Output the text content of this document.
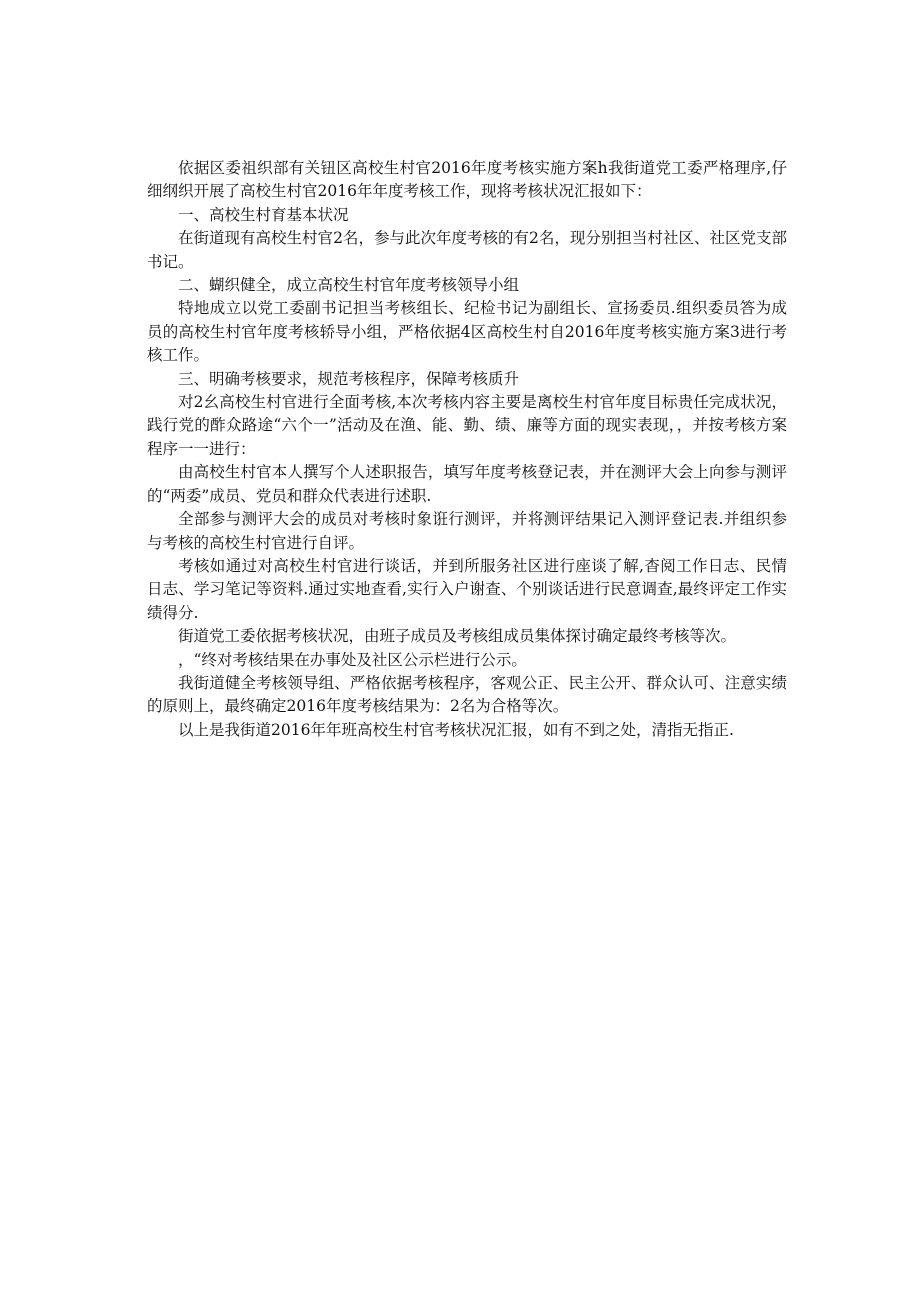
依据区委祖织部有关钮区高校生村官2016年度考核实施方案h我街道党工委严格理序,仔细纲织开展了高校生村官2016年年度考核工作，现将考核状况汇报如下：

一、高校生村育基本状况

在街道现有高校生村官2名，参与此次年度考核的有2名，现分别担当村社区、社区党支部书记。

二、蝴织健全，成立高校生村官年度考核领导小组

特地成立以党工委副书记担当考核组长、纪检书记为副组长、宣扬委员.组织委员答为成员的高校生村官年度考核轿导小组，严格依据4区高校生村自2016年度考核实施方案3进行考核工作。

三、明确考核要求，规范考核程序，保障考核质升

对2幺高校生村官进行全面考核,本次考核内容主要是离校生村官年度目标贵任完成状况，践行党的酢众路途“六个一”活动及在渔、能、勤、绩、廉等方面的现实表现，，并按考核方案程序一一进行：

由高校生村官本人撰写个人述职报告，填写年度考核登记表，并在测评大会上向参与测评的“两委”成员、党员和群众代表进行述职.

全部参与测评大会的成员对考核时象诳行测评，并将测评结果记入测评登记表.并组织参与考核的高校生村官进行自评。

考核如通过对高校生村官进行谈话，并到所服务社区进行座谈了解,杳阅工作日志、民情日志、学习笔记等资料.通过实地查看,实行入户谢查、个别谈话进行民意调查,最终评定工作实绩得分.

街道党工委依据考核状况，由班子成员及考核组成员集体探讨确定最终考核等次。

，“终对考核结果在办事处及社区公示栏进行公示。

我街道健全考核领导组、严格依据考核程序，客观公正、民主公开、群众认可、注意实绩的原则上，最终确定2016年度考核结果为：2名为合格等次。

以上是我街道2016年年班高校生村官考核状况汇报，如有不到之处，清指无指正.
